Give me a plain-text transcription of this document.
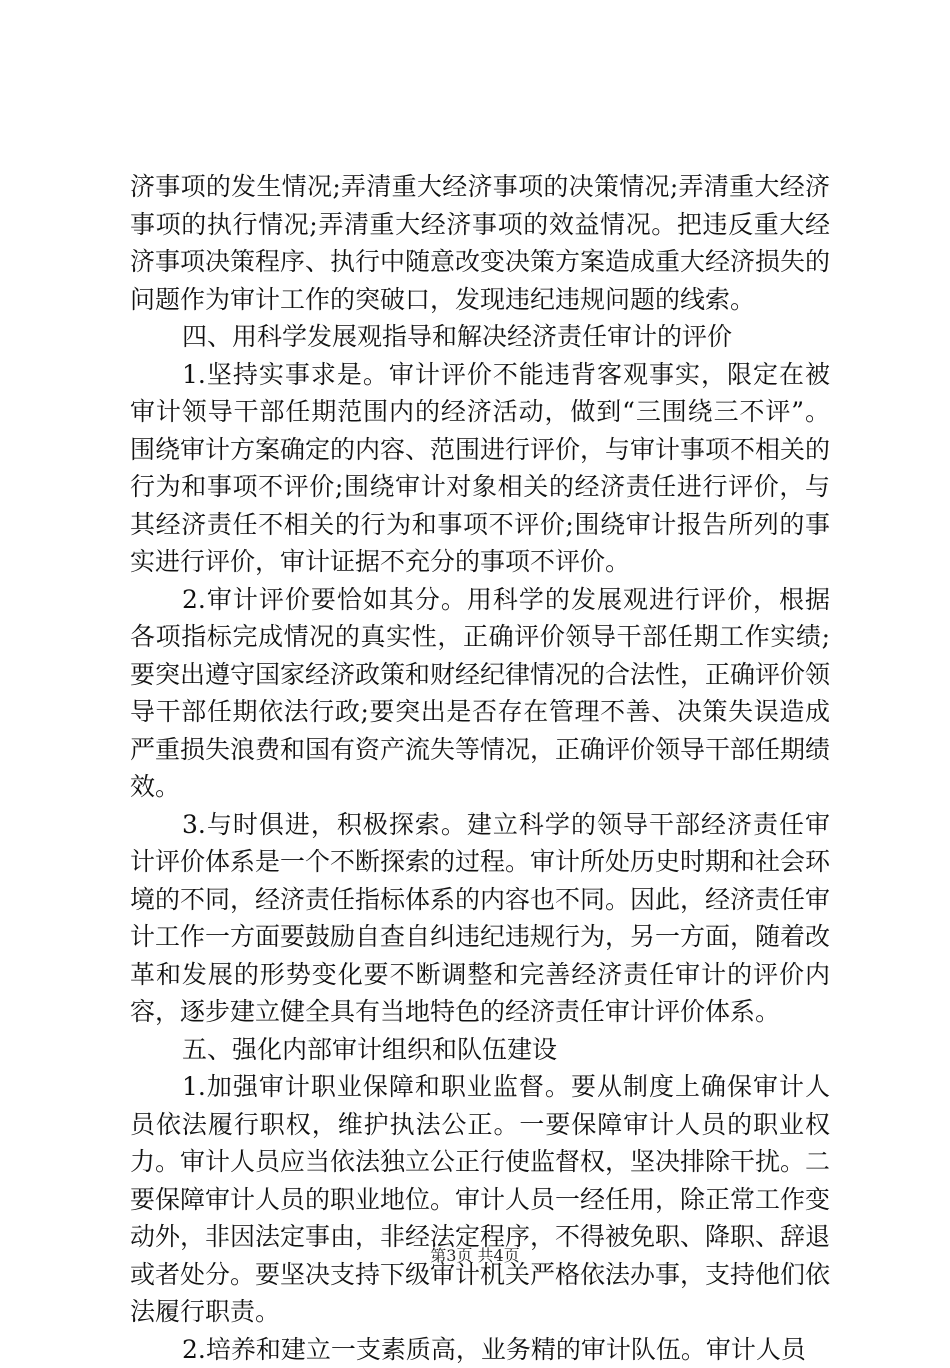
济事项的发生情况;弄清重大经济事项的决策情况;弄清重大经济事项的执行情况;弄清重大经济事项的效益情况。把违反重大经济事项决策程序、执行中随意改变决策方案造成重大经济损失的问题作为审计工作的突破口，发现违纪违规问题的线索。

四、用科学发展观指导和解决经济责任审计的评价

1.坚持实事求是。审计评价不能违背客观事实，限定在被审计领导干部任期范围内的经济活动，做到“三围绕三不评”。围绕审计方案确定的内容、范围进行评价，与审计事项不相关的行为和事项不评价;围绕审计对象相关的经济责任进行评价，与其经济责任不相关的行为和事项不评价;围绕审计报告所列的事实进行评价，审计证据不充分的事项不评价。

2.审计评价要恰如其分。用科学的发展观进行评价，根据各项指标完成情况的真实性，正确评价领导干部任期工作实绩;要突出遵守国家经济政策和财经纪律情况的合法性，正确评价领导干部任期依法行政;要突出是否存在管理不善、决策失误造成严重损失浪费和国有资产流失等情况，正确评价领导干部任期绩效。

3.与时俱进，积极探索。建立科学的领导干部经济责任审计评价体系是一个不断探索的过程。审计所处历史时期和社会环境的不同，经济责任指标体系的内容也不同。因此，经济责任审计工作一方面要鼓励自查自纠违纪违规行为，另一方面，随着改革和发展的形势变化要不断调整和完善经济责任审计的评价内容，逐步建立健全具有当地特色的经济责任审计评价体系。

五、强化内部审计组织和队伍建设

1.加强审计职业保障和职业监督。要从制度上确保审计人员依法履行职权，维护执法公正。一要保障审计人员的职业权力。审计人员应当依法独立公正行使监督权，坚决排除干扰。二要保障审计人员的职业地位。审计人员一经任用，除正常工作变动外，非因法定事由，非经法定程序，不得被免职、降职、辞退或者处分。要坚决支持下级审计机关严格依法办事，支持他们依法履行职责。

2.培养和建立一支素质高，业务精的审计队伍。审计人员

第3页 共4页
